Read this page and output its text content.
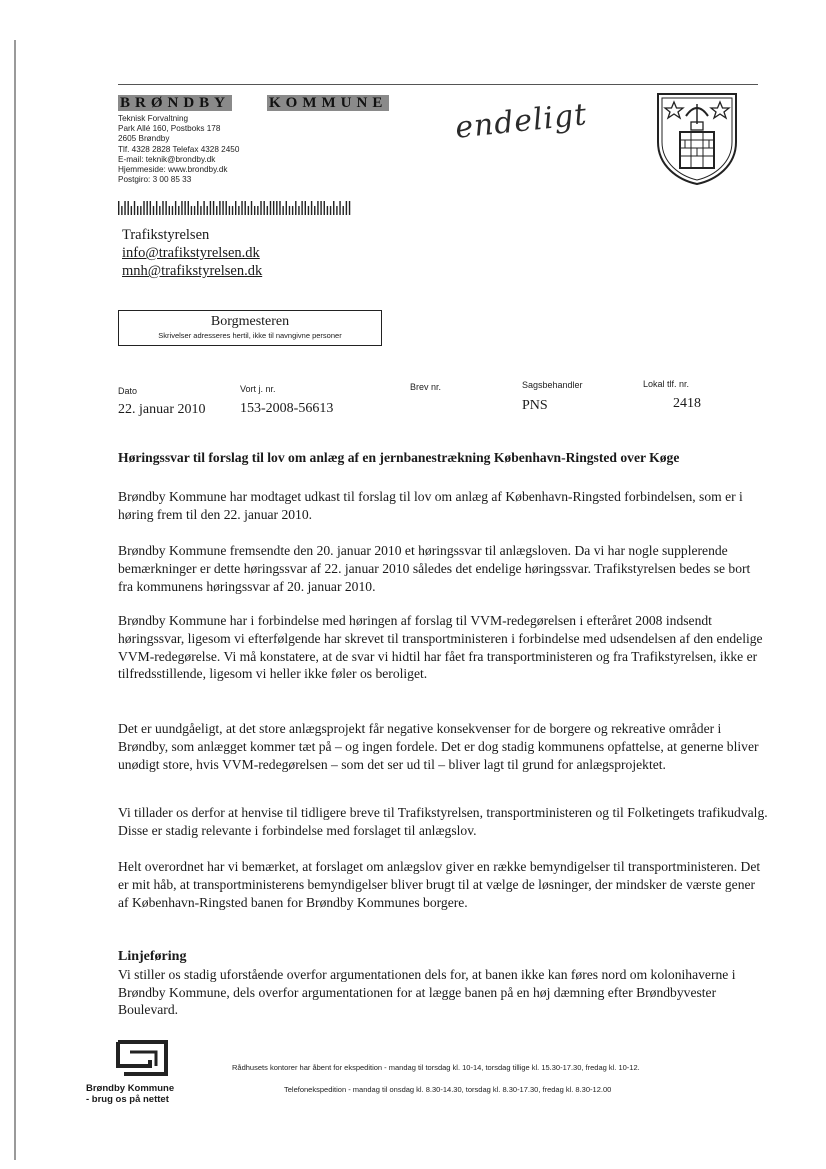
BRØNDBY	KOMMUNE
Teknisk Forvaltning
Park Allé 160, Postboks 178
2605 Brøndby
Tlf. 4328 2828 Telefax 4328 2450
E-mail: teknik@brondby.dk
Hjemmeside: www.brondby.dk
Postgiro: 3 00 85 33
endeligt
Trafikstyrelsen
info@trafikstyrelsen.dk
mnh@trafikstyrelsen.dk
Borgmesteren
Skrivelser adresseres hertil, ikke til navngivne personer
Dato
22. januar 2010
Vort j. nr.
153-2008-56613
Brev nr.	Sagsbehandler
PNS
Lokal tlf. nr.
2418
Høringssvar til forslag til lov om anlæg af en jernbanestrækning København-Ringsted over Køge

Brøndby Kommune har modtaget udkast til forslag til lov om anlæg af København-Ringsted forbindelsen, som er i høring frem til den 22. januar 2010.

Brøndby Kommune fremsendte den 20. januar 2010 et høringssvar til anlægsloven. Da vi har nogle supplerende bemærkninger er dette høringssvar af 22. januar 2010 således det endelige høringssvar. Trafikstyrelsen bedes se bort fra kommunens høringssvar af 20. januar 2010.

Brøndby Kommune har i forbindelse med høringen af forslag til VVM-redegørelsen i efteråret 2008 indsendt høringssvar, ligesom vi efterfølgende har skrevet til transportministeren i forbindelse med udsendelsen af den endelige VVM-redegørelse. Vi må konstatere, at de svar vi hidtil har fået fra transportministeren og fra Trafikstyrelsen, ikke er tilfredsstillende, ligesom vi heller ikke føler os beroliget.

Det er uundgåeligt, at det store anlægsprojekt får negative konsekvenser for de borgere og rekreative områder i Brøndby, som anlægget kommer tæt på – og ingen fordele. Det er dog stadig kommunens opfattelse, at generne bliver unødigt store, hvis VVM-redegørelsen – som det ser ud til – bliver lagt til grund for anlægsprojektet.

Vi tillader os derfor at henvise til tidligere breve til Trafikstyrelsen, transportministeren og til Folketingets trafikudvalg. Disse er stadig relevante i forbindelse med forslaget til anlægslov.

Helt overordnet har vi bemærket, at forslaget om anlægslov giver en række bemyndigelser til transportministeren. Det er mit håb, at transportministerens bemyndigelser bliver brugt til at vælge de løsninger, der mindsker de værste gener af København-Ringsted banen for Brøndby Kommunes borgere.

Linjeføring

Vi stiller os stadig uforstående overfor argumentationen dels for, at banen ikke kan føres nord om kolonihaverne i Brøndby Kommune, dels overfor argumentationen for at lægge banen på en høj dæmning efter Brøndbyvester Boulevard.

Brøndby Kommune
- brug os på nettet
Rådhusets kontorer har åbent for ekspedition - mandag til torsdag kl. 10-14, torsdag tillige kl. 15.30-17.30, fredag kl. 10-12.
Telefonekspedition - mandag til onsdag kl. 8.30-14.30, torsdag kl. 8.30-17.30, fredag kl. 8.30-12.00
